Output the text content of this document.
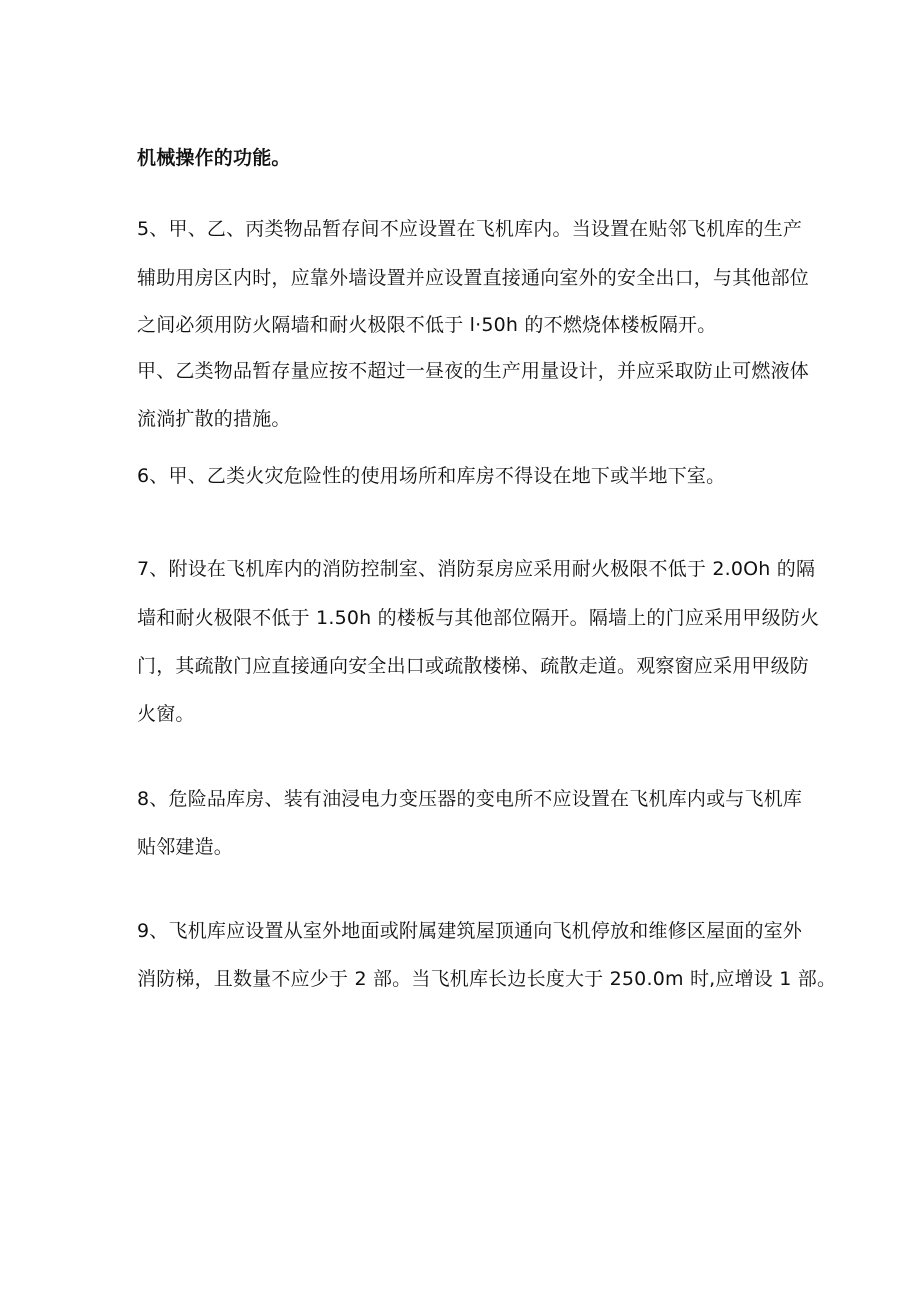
机械操作的功能。
5、甲、乙、丙类物品暂存间不应设置在飞机库内。当设置在贴邻飞机库的生产
辅助用房区内时，应靠外墙设置并应设置直接通向室外的安全出口，与其他部位
之间必须用防火隔墙和耐火极限不低于 l·50h 的不燃烧体楼板隔开。
甲、乙类物品暂存量应按不超过一昼夜的生产用量设计，并应采取防止可燃液体
流淌扩散的措施。
6、甲、乙类火灾危险性的使用场所和库房不得设在地下或半地下室。
7、附设在飞机库内的消防控制室、消防泵房应采用耐火极限不低于 2.0Oh 的隔
墙和耐火极限不低于 1.50h 的楼板与其他部位隔开。隔墙上的门应采用甲级防火
门，其疏散门应直接通向安全出口或疏散楼梯、疏散走道。观察窗应采用甲级防
火窗。
8、危险品库房、装有油浸电力变压器的变电所不应设置在飞机库内或与飞机库
贴邻建造。
9、飞机库应设置从室外地面或附属建筑屋顶通向飞机停放和维修区屋面的室外
消防梯，且数量不应少于 2 部。当飞机库长边长度大于 250.0m 时,应增设 1 部。
